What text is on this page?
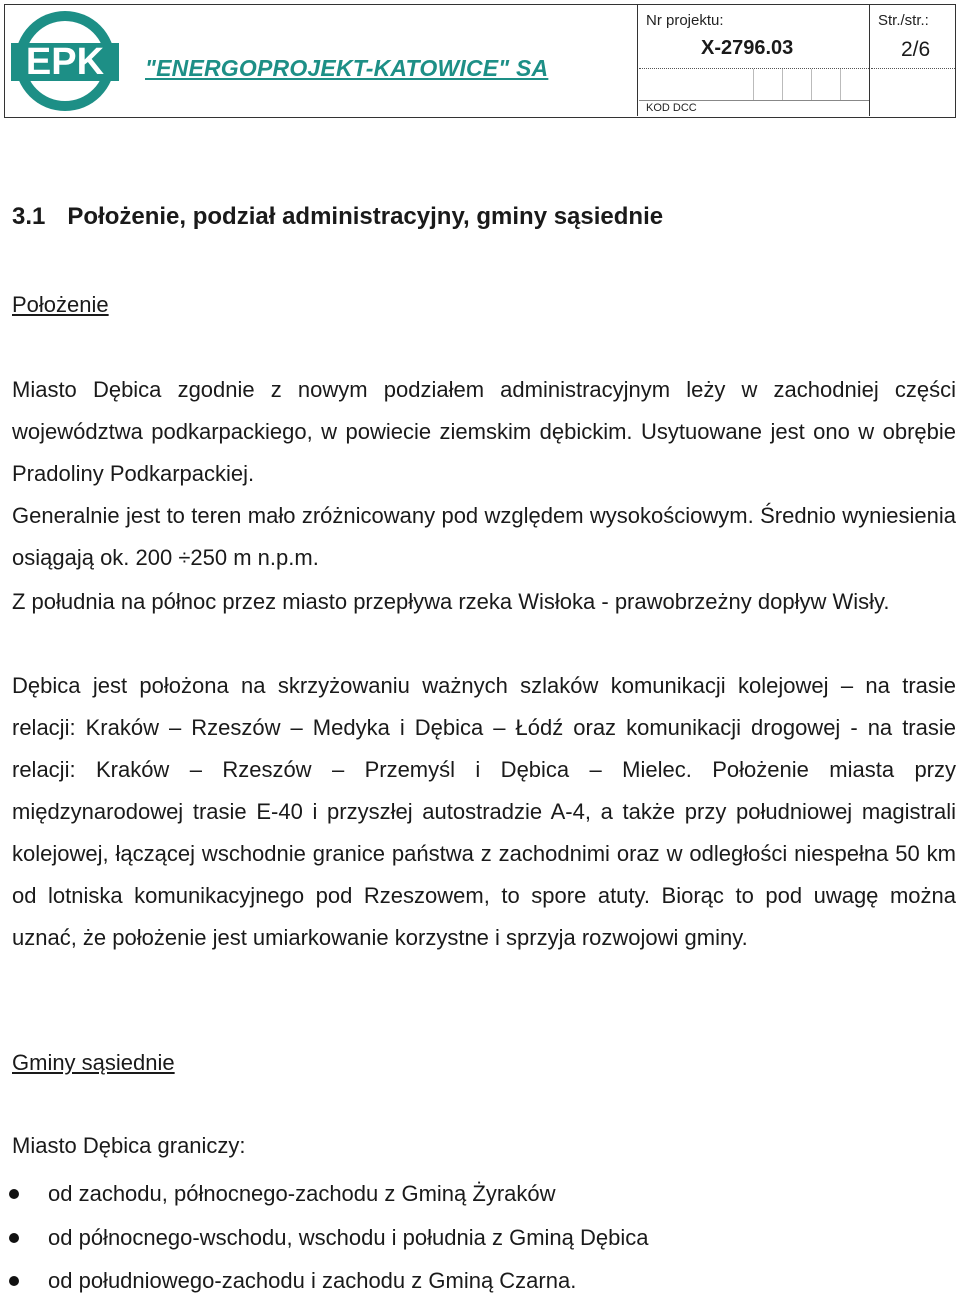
EPK "ENERGOPROJEKT-KATOWICE" SA
Nr projektu:
X-2796.03
KOD DCC
Str./str.:
2/6
3.1 Położenie, podział administracyjny, gminy sąsiednie
Położenie

Miasto Dębica zgodnie z nowym podziałem administracyjnym leży w zachodniej części województwa podkarpackiego, w powiecie ziemskim dębickim. Usytuowane jest ono w obrębie Pradoliny Podkarpackiej.

Generalnie jest to teren mało zróżnicowany pod względem wysokościowym. Średnio wyniesienia osiągają ok. 200 ÷250 m n.p.m.

Z południa na północ przez miasto przepływa rzeka Wisłoka - prawobrzeżny dopływ Wisły.

Dębica jest położona na skrzyżowaniu ważnych szlaków komunikacji kolejowej – na trasie relacji: Kraków – Rzeszów – Medyka i Dębica – Łódź oraz komunikacji drogowej - na trasie relacji: Kraków – Rzeszów – Przemyśl i Dębica – Mielec. Położenie miasta przy międzynarodowej trasie E-40 i przyszłej autostradzie A-4, a także przy południowej magistrali kolejowej, łączącej wschodnie granice państwa z zachodnimi oraz w odległości niespełna 50 km od lotniska komunikacyjnego pod Rzeszowem, to spore atuty. Biorąc to pod uwagę można uznać, że położenie jest umiarkowanie korzystne i sprzyja rozwojowi gminy.

Gminy sąsiednie

Miasto Dębica graniczy:

od zachodu, północnego-zachodu z Gminą Żyraków
od północnego-wschodu, wschodu i południa z Gminą Dębica
od południowego-zachodu i zachodu z Gminą Czarna.
